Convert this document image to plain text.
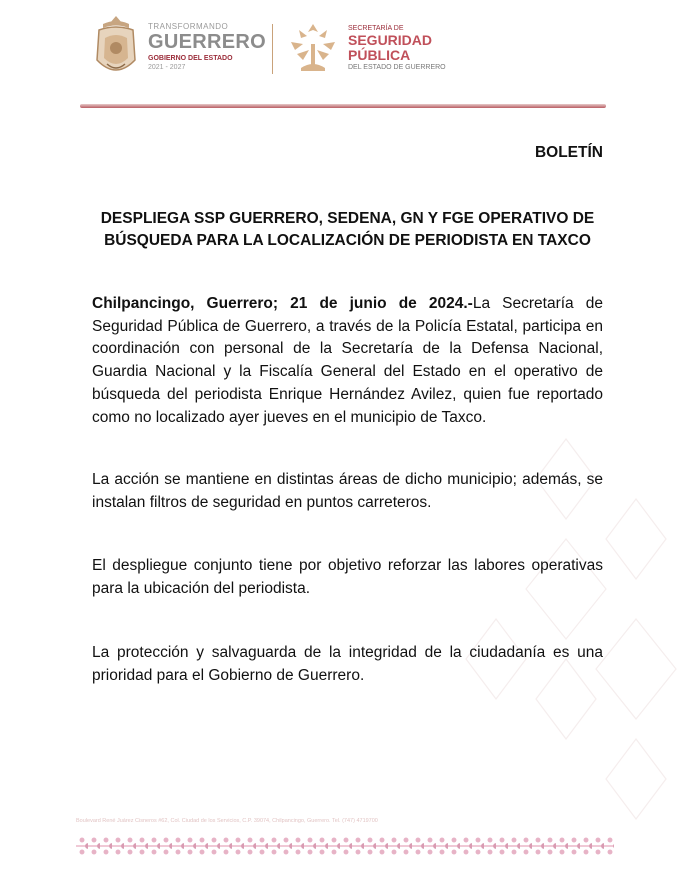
TRANSFORMANDO
GUERRERO
GOBIERNO DEL ESTADO
2021 - 2027
SECRETARÍA DE
SEGURIDAD
PÚBLICA
DEL ESTADO DE GUERRERO
BOLETÍN
DESPLIEGA SSP GUERRERO, SEDENA, GN Y FGE OPERATIVO DE BÚSQUEDA PARA LA LOCALIZACIÓN DE PERIODISTA EN TAXCO

Chilpancingo, Guerrero; 21 de junio de 2024.-La Secretaría de Seguridad Pública de Guerrero, a través de la Policía Estatal, participa en coordinación con personal de la Secretaría de la Defensa Nacional, Guardia Nacional y la Fiscalía General del Estado en el operativo de búsqueda del periodista Enrique Hernández Avilez, quien fue reportado como no localizado ayer jueves en el municipio de Taxco.

La acción se mantiene en distintas áreas de dicho municipio; además, se instalan filtros de seguridad en puntos carreteros.

El despliegue conjunto tiene por objetivo reforzar las labores operativas para la ubicación del periodista.

La protección y salvaguarda de la integridad de la ciudadanía es una prioridad para el Gobierno de Guerrero.

Boulevard René Juárez Cisneros #62, Col. Ciudad de los Servicios, C.P. 39074, Chilpancingo, Guerrero. Tel. (747) 4719700
